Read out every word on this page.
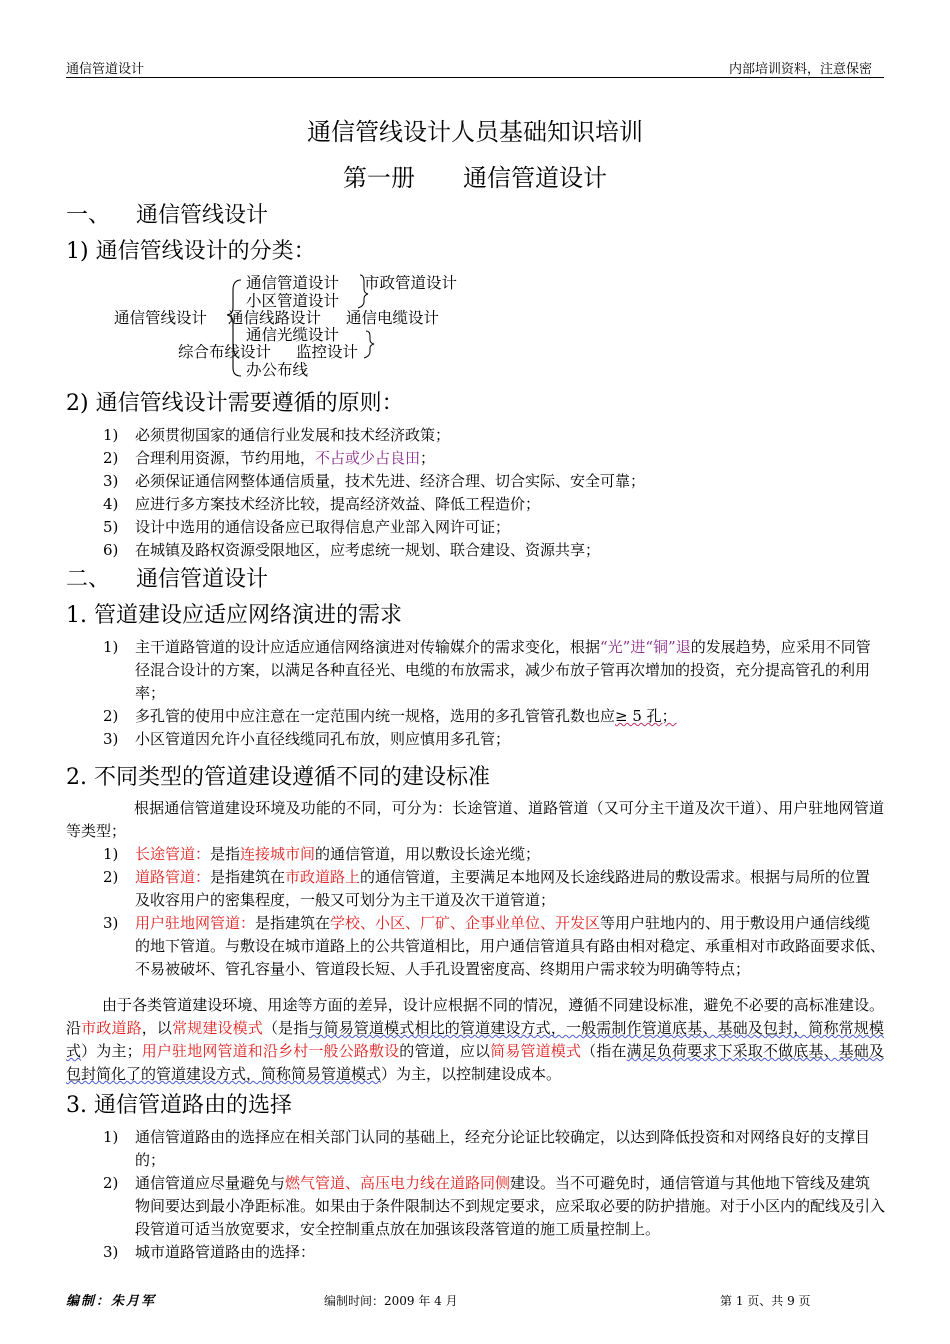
通信管道设计	内部培训资料，注意保密
通信管线设计人员基础知识培训
第一册 通信管道设计
一、 通信管线设计
1) 通信管线设计的分类：
通信管道设计 市政管道设计
小区管道设计
通信管线设计 通信线路设计 通信电缆设计
通信光缆设计
综合布线设计 监控设计
办公布线
2) 通信管线设计需要遵循的原则：
1) 必须贯彻国家的通信行业发展和技术经济政策；
2) 合理利用资源，节约用地，不占或少占良田；
3) 必须保证通信网整体通信质量，技术先进、经济合理、切合实际、安全可靠；
4) 应进行多方案技术经济比较，提高经济效益、降低工程造价；
5) 设计中选用的通信设备应已取得信息产业部入网许可证；
6) 在城镇及路权资源受限地区，应考虑统一规划、联合建设、资源共享；
二、 通信管道设计
1. 管道建设应适应网络演进的需求
1) 主干道路管道的设计应适应通信网络演进对传输媒介的需求变化，根据“光”进“铜”退的发展趋势，应采用不同管径混合设计的方案，以满足各种直径光、电缆的布放需求，减少布放子管再次增加的投资，充分提高管孔的利用率；
2) 多孔管的使用中应注意在一定范围内统一规格，选用的多孔管管孔数也应≥ 5 孔；
3) 小区管道因允许小直径线缆同孔布放，则应慎用多孔管；
2. 不同类型的管道建设遵循不同的建设标准
根据通信管道建设环境及功能的不同，可分为：长途管道、道路管道（又可分主干道及次干道）、用户驻地网管道等类型；
1) 长途管道：是指连接城市间的通信管道，用以敷设长途光缆；
2) 道路管道：是指建筑在市政道路上的通信管道，主要满足本地网及长途线路进局的敷设需求。根据与局所的位置及收容用户的密集程度，一般又可划分为主干道及次干道管道；
3) 用户驻地网管道：是指建筑在学校、小区、厂矿、企事业单位、开发区等用户驻地内的、用于敷设用户通信线缆的地下管道。与敷设在城市道路上的公共管道相比，用户通信管道具有路由相对稳定、承重相对市政路面要求低、不易被破坏、管孔容量小、管道段长短、人手孔设置密度高、终期用户需求较为明确等特点；
由于各类管道建设环境、用途等方面的差异，设计应根据不同的情况，遵循不同建设标准，避免不必要的高标准建设。沿市政道路，以常规建设模式（是指与简易管道模式相比的管道建设方式，一般需制作管道底基、基础及包封，简称常规模式）为主；用户驻地网管道和沿乡村一般公路敷设的管道，应以简易管道模式（指在满足负荷要求下采取不做底基、基础及包封简化了的管道建设方式，简称简易管道模式）为主，以控制建设成本。
3. 通信管道路由的选择
1) 通信管道路由的选择应在相关部门认同的基础上，经充分论证比较确定，以达到降低投资和对网络良好的支撑目的；
2) 通信管道应尽量避免与燃气管道、高压电力线在道路同侧建设。当不可避免时，通信管道与其他地下管线及建筑物间要达到最小净距标准。如果由于条件限制达不到规定要求，应采取必要的防护措施。对于小区内的配线及引入段管道可适当放宽要求，安全控制重点放在加强该段落管道的施工质量控制上。
3) 城市道路管道路由的选择：
编制：朱月军	编制时间：2009 年 4 月	第 1 页、共 9 页
